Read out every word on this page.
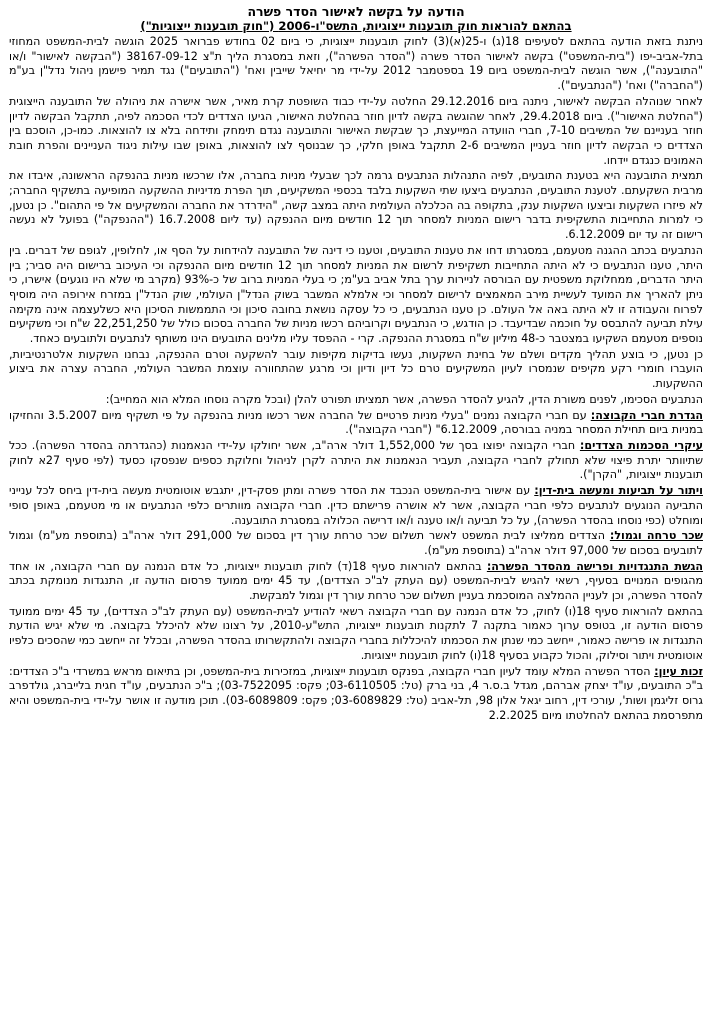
הודעה על בקשה לאישור הסדר פשרה
בהתאם להוראות חוק תובענות ייצוגיות, התשס"ו-2006 ("חוק תובענות ייצוגיות")

ניתנת בזאת הודעה בהתאם לסעיפים 18(ג) ו-25(א)(3) לחוק תובענות ייצוגיות, כי ביום 02 בחודש פברואר 2025 הוגשה לבית-המשפט המחוזי בתל-אביב-יפו ("בית-המשפט") בקשה לאישור הסדר פשרה ("הסדר הפשרה"), וזאת במסגרת הליך ת"צ 38167-09-12 ("הבקשה לאישור" ו/או "התובענה"), אשר הוגשה לבית-המשפט ביום 19 בספטמבר 2012 על-ידי מר יחיאל שייבין ואח' ("התובעים") נגד תמיר פישמן ניהול נדל"ן בע"מ ("החברה") ואח' ("הנתבעים").

לאחר שנוהלה הבקשה לאישור, ניתנה ביום 29.12.2016 החלטה על-ידי כבוד השופטת קרת מאיר, אשר אישרה את ניהולה של התובענה הייצוגית ("החלטת האישור"). ביום 29.4.2018, לאחר שהוגשה בקשה לדיון חוזר בהחלטת האישור, הגיעו הצדדים לכדי הסכמה לפיה, תתקבל הבקשה לדיון חוזר בעניינם של המשיבים 7-10, חברי הוועדה המייעצת, כך שבקשת האישור והתובענה נגדם תימחק ותידחה בלא צו להוצאות. כמו-כן, הוסכם בין הצדדים כי הבקשה לדיון חוזר בעניין המשיבים 2-6 תתקבל באופן חלקי, כך שבנוסף לצו להוצאות, באופן שבו עילות ניגוד העניינים והפרת חובת האמונים כנגדם יידחו.

תמצית התובענה היא בטענת התובעים, לפיה התנהלות הנתבעים גרמה לכך שבעלי מניות בחברה, אלו שרכשו מניות בהנפקה הראשונה, איבדו את מרבית השקעתם. לטענת התובעים, הנתבעים ביצעו שתי השקעות בלבד בכספי המשקיעים, תוך הפרת מדיניות ההשקעה המופיעה בתשקיף החברה; לא פיזרו השקעות וביצעו השקעות ענק, בתקופה בה הכלכלה העולמית היתה במצב קשה, "הידרדר את החברה והמשקיעים אל פי התהום". כן נטען, כי למרות התחייבות התשקיפית בדבר רישום המניות למסחר תוך 12 חודשים מיום ההנפקה (עד ליום 16.7.2008 ("ההנפקה") בפועל לא נעשה רישום זה עד יום 6.12.2009.

הנתבעים בכתב ההגנה מטעמם, במסגרתו דחו את טענות התובעים, וטענו כי דינה של התובענה להידחות על הסף או, לחלופין, לגופם של דברים. בין היתר, טענו הנתבעים כי לא היתה התחייבות תשקיפית לרשום את המניות למסחר תוך 12 חודשים מיום ההנפקה וכי העיכוב ברישום היה סביר; בין היתר הדברים, ממחלוקת משפטית עם הבורסה לניירות ערך בתל אביב בע"מ; כי בעלי המניות ברוב של כ-93% (מקרב מי שלא היו נוגעים) אישרו, כי ניתן להאריך את המועד לעשיית מירב המאמצים לרישום למסחר וכי אלמלא המשבר בשוק הנדל"ן העולמי, שוק הנדל"ן במזרח אירופה היה מוסיף לפרוח והעבודה זו לא היתה באה אל העולם. כן טענו הנתבעים, כי כל עסקה נושאת בחובה סיכון וכי התממשות הסיכון היא כשלעצמה אינה מקימה עילת תביעה להתבסס על חוכמה שבדיעבד. כן הודגש, כי הנתבעים וקרוביהם רכשו מניות של החברה בסכום כולל של 22,251,250 ש"ח וכי משקיעים נוספים מטעמם השקיעו במצטבר כ-48 מיליון ש"ח במסגרת ההנפקה. קרי - ההפסד עליו מלינים התובעים הינו משותף לנתבעים ולתובעים כאחד.

כן נטען, כי בוצע תהליך מקדים ושלם של בחינת השקעות, נעשו בדיקות מקיפות עובר להשקעה וטרם ההנפקה, נבחנו השקעות אלטרנטיביות, הועברו חומרי רקע מקיפים שנמסרו לעיון המשקיעים טרם כל דיון ודיון וכי מרגע שהתחוורה עוצמת המשבר העולמי, החברה עצרה את ביצוע ההשקעות.

הנתבעים הסכימו, לפנים משורת הדין, להגיע להסדר הפשרה, אשר תמציתו תפורט להלן (ובכל מקרה נוסחו המלא הוא המחייב):

הגדרת חברי הקבוצה: עם חברי הקבוצה נמנים "בעלי מניות פרטיים של החברה אשר רכשו מניות בהנפקה על פי תשקיף מיום 3.5.2007 והחזיקו במניות ביום תחילת המסחר במניה בבורסה, 6.12.2009" ("חברי הקבוצה").

עיקרי הסכמות הצדדים: חברי הקבוצה יפוצו בסך של 1,552,000 דולר ארה"ב, אשר יחולקו על-ידי הנאמנות (כהגדרתה בהסדר הפשרה). ככל שתיוותר יתרת פיצוי שלא תחולק לחברי הקבוצה, תעביר הנאמנות את היתרה לקרן לניהול וחלוקת כספים שנפסקו כסעד (לפי סעיף 27א לחוק תובענות ייצוגיות, "הקרן").

ויתור על תביעות ומעשה בית-דין: עם אישור בית-המשפט הנכבד את הסדר פשרה ומתן פסק-דין, יתגבש אוטומטית מעשה בית-דין ביחס לכל ענייני התביעה הנוגעים לנתבעים כלפי חברי הקבוצה, אשר לא אושרה פרישתם כדין. חברי הקבוצה מוותרים כלפי הנתבעים או מי מטעמם, באופן סופי ומוחלט (כפי נוסחו בהסדר הפשרה), על כל תביעה ו/או טענה ו/או דרישה הכלולה במסגרת התובענה.

שכר טרחה וגמול: הצדדים ממליצו לבית המשפט לאשר תשלום שכר טרחת עורך דין בסכום של 291,000 דולר ארה"ב (בתוספת מע"מ) וגמול לתובעים בסכום של 97,000 דולר ארה"ב (בתוספת מע"מ).

הגשת התנגדויות ופרישה מהסדר הפשרה: בהתאם להוראות סעיף 18(ד) לחוק תובענות ייצוגיות, כל אדם הנמנה עם חברי הקבוצה, או אחד מהגופים המנויים בסעיף, רשאי להגיש לבית-המשפט (עם העתק לב"כ הצדדים), עד 45 ימים ממועד פרסום הודעה זו, התנגדות מנומקת בכתב להסדר הפשרה, וכן לעניין ההמלצה המוסכמת בעניין תשלום שכר טרחת עורך דין וגמול למבקשת.

בהתאם להוראות סעיף 18(ו) לחוק, כל אדם הנמנה עם חברי הקבוצה רשאי להודיע לבית-המשפט (עם העתק לב"כ הצדדים), עד 45 ימים ממועד פרסום הודעה זו, בטופס ערוך כאמור בתקנה 7 לתקנות תובענות ייצוגיות, התש"ע-2010, על רצונו שלא להיכלל בקבוצה. מי שלא יגיש הודעת התנגדות או פרישה כאמור, ייחשב כמי שנתן את הסכמתו להיכללות בחברי הקבוצה ולהתקשרותו בהסדר הפשרה, ובכלל זה ייחשב כמי שהסכים כלפיו אוטומטית ויתור וסילוק, והכול כקבוע בסעיף 18(ו) לחוק תובענות ייצוגיות.

זכות עיון: הסדר הפשרה המלא עומד לעיון חברי הקבוצה, בפנקס תובענות ייצוגיות, במזכירות בית-המשפט, וכן בתיאום מראש במשרדי ב"כ הצדדים: ב"כ התובעים, עו"ד יצחק אברהם, מגדל ב.ס.ר 4, בני ברק (טל: 03-6110505; פקס: 03-7522095); ב"כ הנתבעים, עו"ד חגית בלייברג, גולדפרב גרוס זליגמן ושות', עורכי דין, רחוב יגאל אלון 98, תל-אביב (טל: 03-6089829; פקס: 03-6089809). תוכן מודעה זו אושר על-ידי בית-המשפט והיא מתפרסמת בהתאם להחלטתו מיום 2.2.2025
